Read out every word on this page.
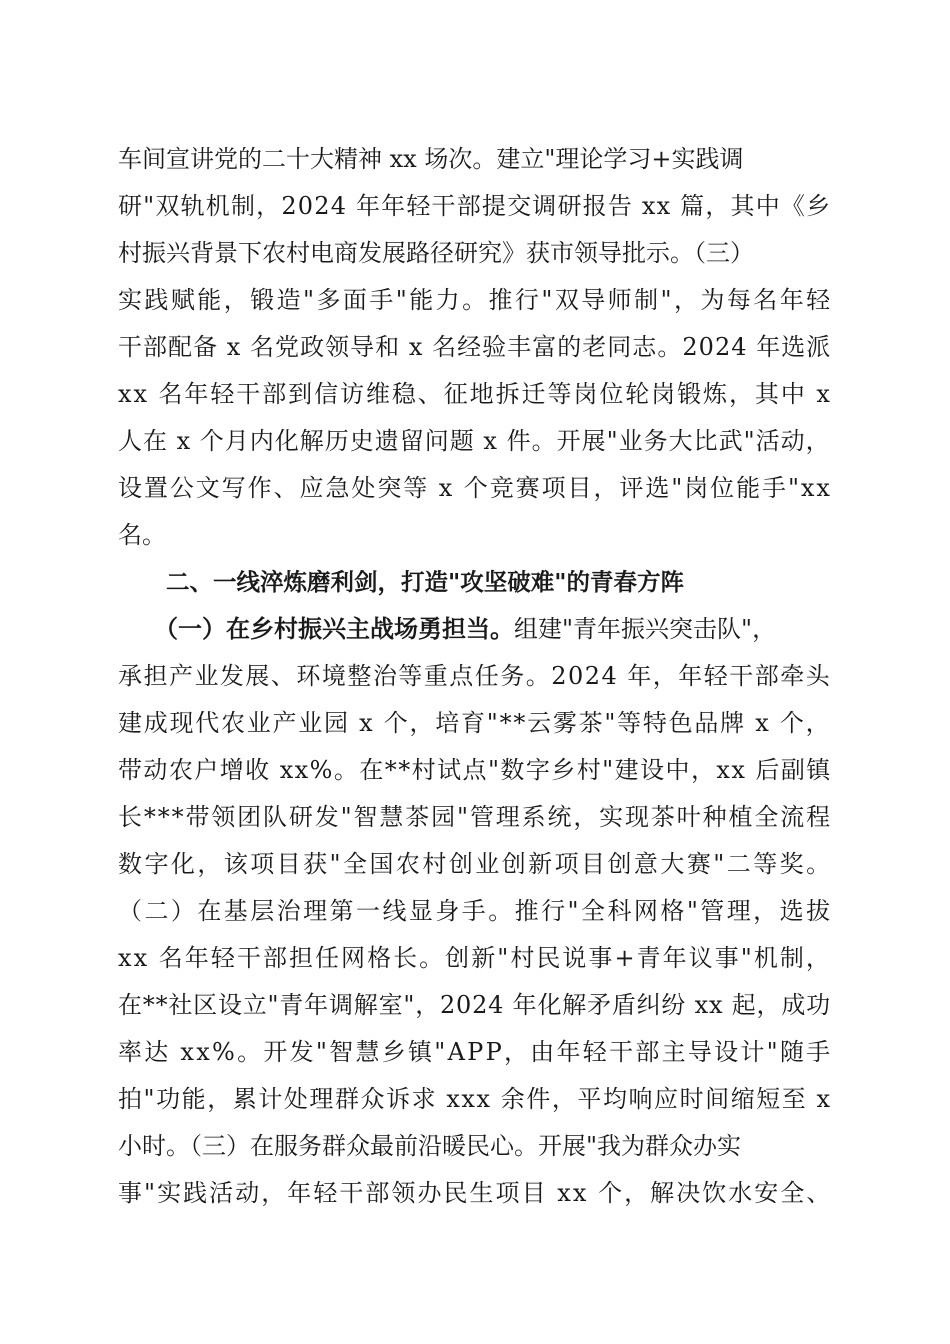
车间宣讲党的二十大精神 xx 场次。建立"理论学习+实践调
研"双轨机制，2024 年年轻干部提交调研报告 xx 篇，其中《乡
村振兴背景下农村电商发展路径研究》获市领导批示。（三）
实践赋能，锻造"多面手"能力。推行"双导师制"，为每名年轻
干部配备 x 名党政领导和 x 名经验丰富的老同志。2024 年选派
xx 名年轻干部到信访维稳、征地拆迁等岗位轮岗锻炼，其中 x
人在 x 个月内化解历史遗留问题 x 件。开展"业务大比武"活动，
设置公文写作、应急处突等 x 个竞赛项目，评选"岗位能手"xx
名。
二、一线淬炼磨利剑，打造"攻坚破难"的青春方阵
（一）在乡村振兴主战场勇担当。组建"青年振兴突击队"，
承担产业发展、环境整治等重点任务。2024 年，年轻干部牵头
建成现代农业产业园 x 个，培育"**云雾茶"等特色品牌 x 个，
带动农户增收 xx%。在**村试点"数字乡村"建设中，xx 后副镇
长***带领团队研发"智慧茶园"管理系统，实现茶叶种植全流程
数字化，该项目获"全国农村创业创新项目创意大赛"二等奖。
（二）在基层治理第一线显身手。推行"全科网格"管理，选拔
xx 名年轻干部担任网格长。创新"村民说事+青年议事"机制，
在**社区设立"青年调解室"，2024 年化解矛盾纠纷 xx 起，成功
率达 xx%。开发"智慧乡镇"APP，由年轻干部主导设计"随手
拍"功能，累计处理群众诉求 xxx 余件，平均响应时间缩短至 x
小时。（三）在服务群众最前沿暖民心。开展"我为群众办实
事"实践活动，年轻干部领办民生项目 xx 个，解决饮水安全、
